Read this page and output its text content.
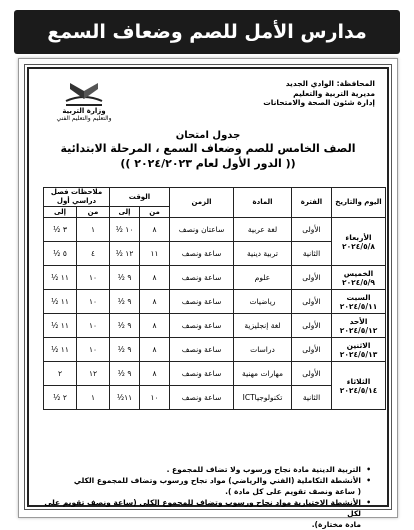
مدارس الأمل للصم وضعاف السمع
وزارة التربية
والتعليم والتعليم الفني
المحافظة: الوادي الجديد
مديرية التربية والتعليم
إدارة شئون الصحة والامتحانات
جدول امتحان
الصف الخامس للصم وضعاف السمع ، المرحلة الابتدائية
(( الدور الأول لعام ٢٠٢٤/٢٠٢٣ ))
اليوم والتاريخ	الفترة	المادة	الزمن	الوقت		ملاحظات فصل دراسي أول	
				من	إلى	من	إلى

الأربعاء
٢٠٢٤/٥/٨	الأولى	لغة عربية	ساعتان ونصف	٨	١٠ ½	١	٣ ½
	الثانية	تربية دينية	ساعة ونصف	١١	١٢ ½	٤	٥ ½

الخميس
٢٠٢٤/٥/٩	الأولى	علوم	ساعة ونصف	٨	٩ ½	١٠	١١ ½

السبت
٢٠٢٤/٥/١١	الأولى	رياضيات	ساعة ونصف	٨	٩ ½	١٠	١١ ½

الأحد
٢٠٢٤/٥/١٢	الأولى	لغة إنجليزية	ساعة ونصف	٨	٩ ½	١٠	١١ ½

الاثنين
٢٠٢٤/٥/١٣	الأولى	دراسات	ساعة ونصف	٨	٩ ½	١٠	١١ ½

الثلاثاء
٢٠٢٤/٥/١٤	الأولى	مهارات مهنية	ساعة ونصف	٨	٩ ½	١٢	٢
	الثانية	تكنولوجياICT	ساعة ونصف	١٠	١١½	١	٢ ½
• التربية الدينية مادة نجاح ورسوب ولا تضاف للمجموع .
• الأنشطة التكاملية (الفني والرياضي) مواد نجاح ورسوب وتضاف للمجموع الكلي
( ساعة ونصف تقويم على كل مادة ).
• الأنشطة الاختيارية مواد نجاح ورسوب وتضاف للمجموع الكلي (ساعة ونصف تقويم على لكل
مادة مختارة).
